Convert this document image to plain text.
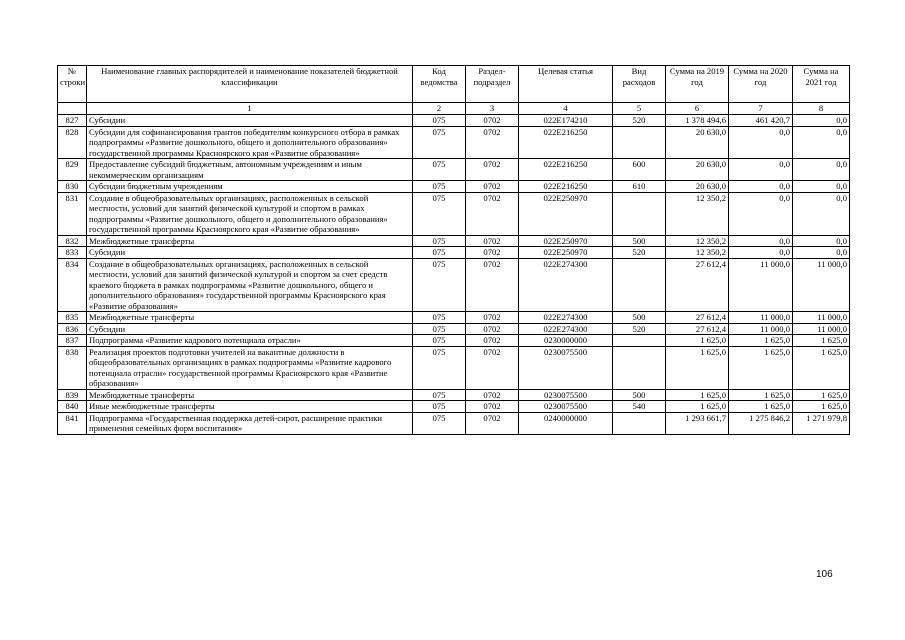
№ строки	Наименование главных распорядителей и наименование показателей бюджетной классификации	Код ведомства	Раздел- подраздел	Целевая статья	Вид расходов	Сумма на 2019 год	Сумма на 2020 год	Сумма на 2021 год
	1	2	3	4	5	6	7	8
827	Субсидии	075	0702	022E174210	520	1 378 494,6	461 420,7	0,0
828	Субсидии для софинансирования грантов победителям конкурсного отбора в рамках подпрограммы «Развитие дошкольного, общего и дополнительного образования» государственной программы Красноярского края «Развитие образования»	075	0702	022E216250		20 630,0	0,0	0,0
829	Предоставление субсидий бюджетным, автономным учреждениям и иным некоммерческим организациям	075	0702	022E216250	600	20 630,0	0,0	0,0
830	Субсидии бюджетным учреждениям	075	0702	022E216250	610	20 630,0	0,0	0,0
831	Создание в общеобразовательных организациях, расположенных в сельской местности, условий для занятий физической культурой и спортом в рамках подпрограммы «Развитие дошкольного, общего и дополнительного образования» государственной программы Красноярского края «Развитие образования»	075	0702	022E250970		12 350,2	0,0	0,0
832	Межбюджетные трансферты	075	0702	022E250970	500	12 350,2	0,0	0,0
833	Субсидии	075	0702	022E250970	520	12 350,2	0,0	0,0
834	Создание в общеобразовательных организациях, расположенных в сельской местности, условий для занятий физической культурой и спортом за счет средств краевого бюджета в рамках подпрограммы «Развитие дошкольного, общего и дополнительного образования» государственной программы Красноярского края «Развитие образования»	075	0702	022E274300		27 612,4	11 000,0	11 000,0
835	Межбюджетные трансферты	075	0702	022E274300	500	27 612,4	11 000,0	11 000,0
836	Субсидии	075	0702	022E274300	520	27 612,4	11 000,0	11 000,0
837	Подпрограмма «Развитие кадрового потенциала отрасли»	075	0702	0230000000		1 625,0	1 625,0	1 625,0
838	Реализация проектов подготовки учителей на вакантные должности в общеобразовательных организациях в рамках подпрограммы «Развитие кадрового потенциала отрасли» государственной программы Красноярского края «Развитие образования»	075	0702	0230075500		1 625,0	1 625,0	1 625,0
839	Межбюджетные трансферты	075	0702	0230075500	500	1 625,0	1 625,0	1 625,0
840	Иные межбюджетные трансферты	075	0702	0230075500	540	1 625,0	1 625,0	1 625,0
841	Подпрограмма «Государственная поддержка детей-сирот, расширение практики применения семейных форм воспитания»	075	0702	0240000000		1 293 661,7	1 275 846,2	1 271 979,8
106
